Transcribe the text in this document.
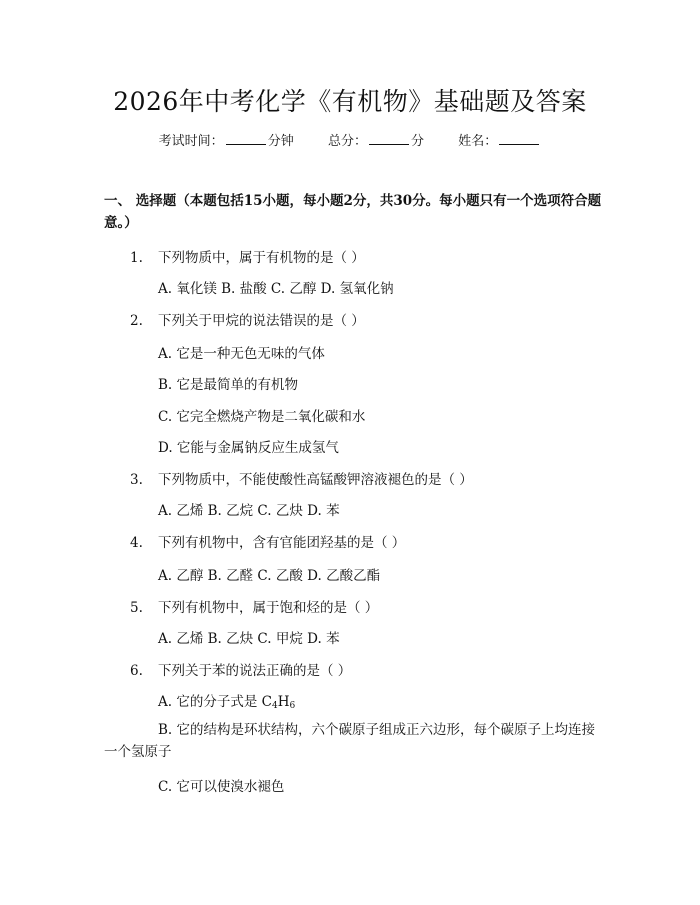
2026年中考化学《有机物》基础题及答案
考试时间：	分钟	总分：	分	姓名：
一、 选择题（本题包括15小题，每小题2分，共30分。每小题只有一个选项符合题意。）
1. 下列物质中，属于有机物的是（ ）
A. 氧化镁 B. 盐酸 C. 乙醇 D. 氢氧化钠
2. 下列关于甲烷的说法错误的是（ ）
A. 它是一种无色无味的气体
B. 它是最简单的有机物
C. 它完全燃烧产物是二氧化碳和水
D. 它能与金属钠反应生成氢气
3. 下列物质中，不能使酸性高锰酸钾溶液褪色的是（ ）
A. 乙烯 B. 乙烷 C. 乙炔 D. 苯
4. 下列有机物中，含有官能团羟基的是（ ）
A. 乙醇 B. 乙醛 C. 乙酸 D. 乙酸乙酯
5. 下列有机物中，属于饱和烃的是（ ）
A. 乙烯 B. 乙炔 C. 甲烷 D. 苯
6. 下列关于苯的说法正确的是（ ）
A. 它的分子式是 $C_4H_6$
B. 它的结构是环状结构，六个碳原子组成正六边形，每个碳原子上均连接一个氢原子
C. 它可以使溴水褪色
